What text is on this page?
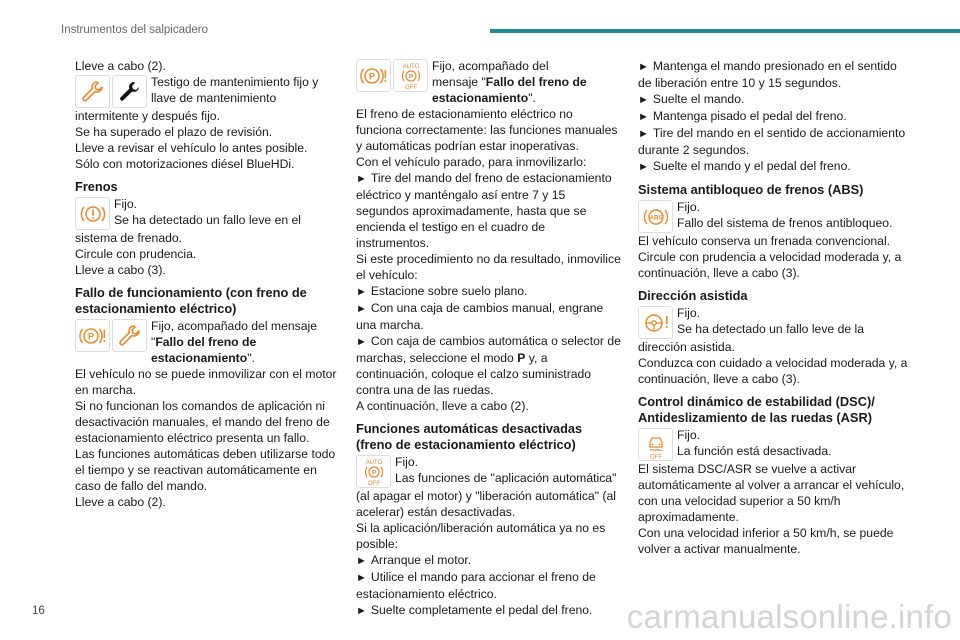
Instrumentos del salpicadero

Lleve a cabo (2).

Testigo de mantenimiento fijo y

llave de mantenimiento

intermitente y después fijo.

Se ha superado el plazo de revisión.

Lleve a revisar el vehículo lo antes posible.

Sólo con motorizaciones diésel BlueHDi.

Frenos

Fijo.

Se ha detectado un fallo leve en el

sistema de frenado.

Circule con prudencia.

Lleve a cabo (3).

Fallo de funcionamiento (con freno de estacionamiento eléctrico)
P

Fijo, acompañado del mensaje

"Fallo del freno de estacionamiento".

El vehículo no se puede inmovilizar con el motor en marcha.

Si no funcionan los comandos de aplicación ni desactivación manuales, el mando del freno de estacionamiento eléctrico presenta un fallo.

Las funciones automáticas deben utilizarse todo el tiempo y se reactivan automáticamente en caso de fallo del mando.

Lleve a cabo (2).

P
AUTO
P
OFF

Fijo, acompañado del

mensaje "Fallo del freno de estacionamiento".

El freno de estacionamiento eléctrico no funciona correctamente: las funciones manuales y automáticas podrían estar inoperativas.

Con el vehículo parado, para inmovilizarlo:

► Tire del mando del freno de estacionamiento eléctrico y manténgalo así entre 7 y 15 segundos aproximadamente, hasta que se encienda el testigo en el cuadro de instrumentos.

Si este procedimiento no da resultado, inmovilice el vehículo:

► Estacione sobre suelo plano.

► Con una caja de cambios manual, engrane una marcha.

► Con caja de cambios automática o selector de marchas, seleccione el modo P y, a continuación, coloque el calzo suministrado contra una de las ruedas.

A continuación, lleve a cabo (2).

Funciones automáticas desactivadas (freno de estacionamiento eléctrico)
AUTO
P
OFF

Fijo.

Las funciones de "aplicación automática"

(al apagar el motor) y "liberación automática" (al acelerar) están desactivadas.

Si la aplicación/liberación automática ya no es posible:

► Arranque el motor.

► Utilice el mando para accionar el freno de estacionamiento eléctrico.

► Suelte completamente el pedal del freno.

► Mantenga el mando presionado en el sentido de liberación entre 10 y 15 segundos.

► Suelte el mando.

► Mantenga pisado el pedal del freno.

► Tire del mando en el sentido de accionamiento durante 2 segundos.

► Suelte el mando y el pedal del freno.

Sistema antibloqueo de frenos (ABS)
ABS

Fijo.

Fallo del sistema de frenos antibloqueo.

El vehículo conserva un frenada convencional.

Circule con prudencia a velocidad moderada y, a continuación, lleve a cabo (3).

Dirección asistida

Fijo.

Se ha detectado un fallo leve de la

dirección asistida.

Conduzca con cuidado a velocidad moderada y, a continuación, lleve a cabo (3).

Control dinámico de estabilidad (DSC)/ Antideslizamiento de las ruedas (ASR)
OFF

Fijo.

La función está desactivada.

El sistema DSC/ASR se vuelve a activar automáticamente al volver a arrancar el vehículo, con una velocidad superior a 50 km/h aproximadamente.

Con una velocidad inferior a 50 km/h, se puede volver a activar manualmente.

16	carmanualsonline.info
